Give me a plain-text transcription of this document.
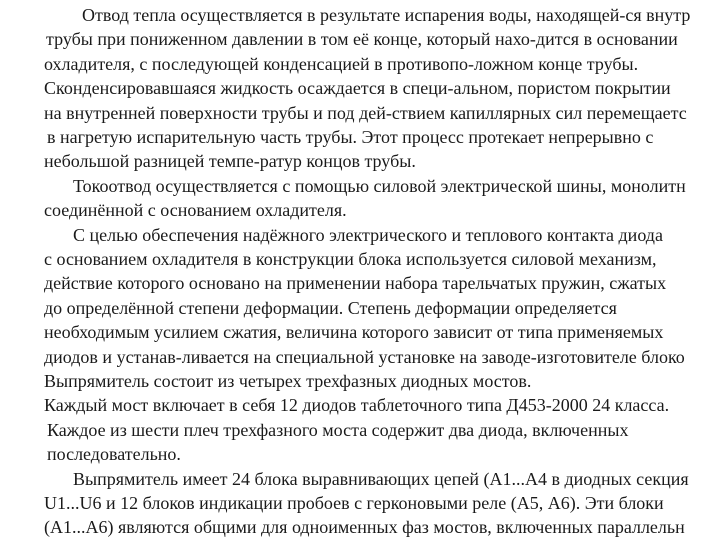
Отвод тепла осуществляется в результате испарения воды, находящей-ся внутр
трубы при пониженном давлении в том её конце, который нахо-дится в основании
охладителя, с последующей конденсацией в противопо-ложном конце трубы.
Сконденсировавшаяся жидкость осаждается в специ-альном, пористом покрытии
на внутренней поверхности трубы и под дей-ствием капиллярных сил перемещаетс
в нагретую испарительную часть трубы. Этот процесс протекает непрерывно с
небольшой разницей темпе-ратур концов трубы.
Токоотвод осуществляется с помощью силовой электрической шины, монолитн
соединённой с основанием охладителя.
С целью обеспечения надёжного электрического и теплового контакта диода
с основанием охладителя в конструкции блока используется силовой механизм,
действие которого основано на применении набора тарельчатых пружин, сжатых
до определённой степени деформации. Степень деформации определяется
необходимым усилием сжатия, величина которого зависит от типа применяемых
диодов и устанав-ливается на специальной установке на заводе-изготовителе блоко
Выпрямитель состоит из четырех трехфазных диодных мостов.
Каждый мост включает в себя 12 диодов таблеточного типа Д453-2000 24 класса.
Каждое из шести плеч трехфазного моста содержит два диода, включенных
последовательно.
Выпрямитель имеет 24 блока выравнивающих цепей (А1...А4 в диодных секция
U1...U6 и 12 блоков индикации пробоев с герконовыми реле (А5, А6). Эти блоки
(А1...А6) являются общими для одноименных фаз мостов, включенных параллельн
